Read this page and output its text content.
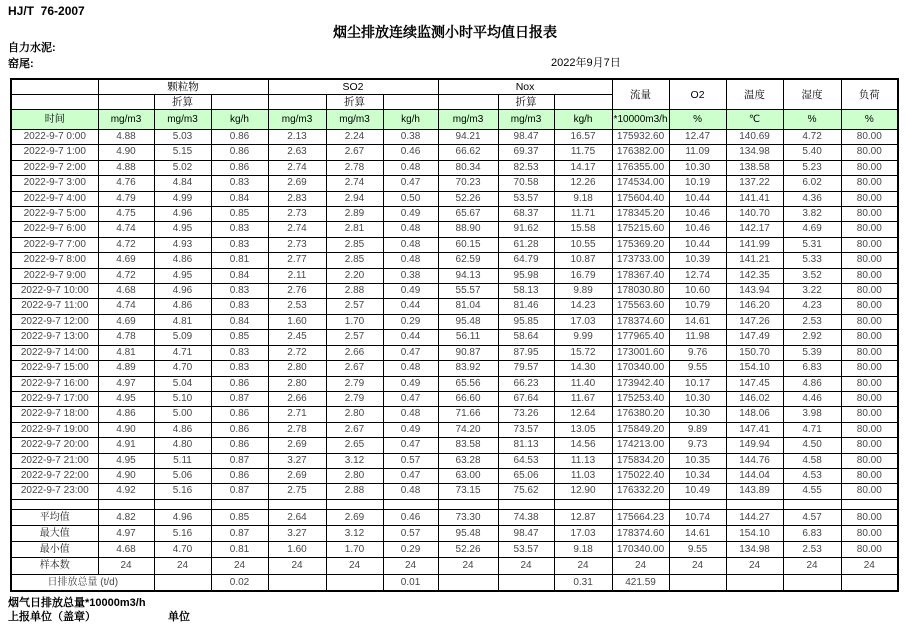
HJ/T  76-2007
烟尘排放连续监测小时平均值日报表
自力水泥:
窑尾:	2022年9月7日
	颗粒物			SO2			Nox			流量	O2	温度	湿度	负荷
		折算			折算			折算						
时间	mg/m3	mg/m3	kg/h	mg/m3	mg/m3	kg/h	mg/m3	mg/m3	kg/h	*10000m3/h	%	℃	%	%
2022-9-7 0:00	4.88	5.03	0.86	2.13	2.24	0.38	94.21	98.47	16.57	175932.60	12.47	140.69	4.72	80.00
2022-9-7 1:00	4.90	5.15	0.86	2.63	2.67	0.46	66.62	69.37	11.75	176382.00	11.09	134.98	5.40	80.00
2022-9-7 2:00	4.88	5.02	0.86	2.74	2.78	0.48	80.34	82.53	14.17	176355.00	10.30	138.58	5.23	80.00
2022-9-7 3:00	4.76	4.84	0.83	2.69	2.74	0.47	70.23	70.58	12.26	174534.00	10.19	137.22	6.02	80.00
2022-9-7 4:00	4.79	4.99	0.84	2.83	2.94	0.50	52.26	53.57	9.18	175604.40	10.44	141.41	4.36	80.00
2022-9-7 5:00	4.75	4.96	0.85	2.73	2.89	0.49	65.67	68.37	11.71	178345.20	10.46	140.70	3.82	80.00
2022-9-7 6:00	4.74	4.95	0.83	2.74	2.81	0.48	88.90	91.62	15.58	175215.60	10.46	142.17	4.69	80.00
2022-9-7 7:00	4.72	4.93	0.83	2.73	2.85	0.48	60.15	61.28	10.55	175369.20	10.44	141.99	5.31	80.00
2022-9-7 8:00	4.69	4.86	0.81	2.77	2.85	0.48	62.59	64.79	10.87	173733.00	10.39	141.21	5.33	80.00
2022-9-7 9:00	4.72	4.95	0.84	2.11	2.20	0.38	94.13	95.98	16.79	178367.40	12.74	142.35	3.52	80.00
2022-9-7 10:00	4.68	4.96	0.83	2.76	2.88	0.49	55.57	58.13	9.89	178030.80	10.60	143.94	3.22	80.00
2022-9-7 11:00	4.74	4.86	0.83	2.53	2.57	0.44	81.04	81.46	14.23	175563.60	10.79	146.20	4.23	80.00
2022-9-7 12:00	4.69	4.81	0.84	1.60	1.70	0.29	95.48	95.85	17.03	178374.60	14.61	147.26	2.53	80.00
2022-9-7 13:00	4.78	5.09	0.85	2.45	2.57	0.44	56.11	58.64	9.99	177965.40	11.98	147.49	2.92	80.00
2022-9-7 14:00	4.81	4.71	0.83	2.72	2.66	0.47	90.87	87.95	15.72	173001.60	9.76	150.70	5.39	80.00
2022-9-7 15:00	4.89	4.70	0.83	2.80	2.67	0.48	83.92	79.57	14.30	170340.00	9.55	154.10	6.83	80.00
2022-9-7 16:00	4.97	5.04	0.86	2.80	2.79	0.49	65.56	66.23	11.40	173942.40	10.17	147.45	4.86	80.00
2022-9-7 17:00	4.95	5.10	0.87	2.66	2.79	0.47	66.60	67.64	11.67	175253.40	10.30	146.02	4.46	80.00
2022-9-7 18:00	4.86	5.00	0.86	2.71	2.80	0.48	71.66	73.26	12.64	176380.20	10.30	148.06	3.98	80.00
2022-9-7 19:00	4.90	4.86	0.86	2.78	2.67	0.49	74.20	73.57	13.05	175849.20	9.89	147.41	4.71	80.00
2022-9-7 20:00	4.91	4.80	0.86	2.69	2.65	0.47	83.58	81.13	14.56	174213.00	9.73	149.94	4.50	80.00
2022-9-7 21:00	4.95	5.11	0.87	3.27	3.12	0.57	63.28	64.53	11.13	175834.20	10.35	144.76	4.58	80.00
2022-9-7 22:00	4.90	5.06	0.86	2.69	2.80	0.47	63.00	65.06	11.03	175022.40	10.34	144.04	4.53	80.00
2022-9-7 23:00	4.92	5.16	0.87	2.75	2.88	0.48	73.15	75.62	12.90	176332.20	10.49	143.89	4.55	80.00

平均值	4.82	4.96	0.85	2.64	2.69	0.46	73.30	74.38	12.87	175664.23	10.74	144.27	4.57	80.00
最大值	4.97	5.16	0.87	3.27	3.12	0.57	95.48	98.47	17.03	178374.60	14.61	154.10	6.83	80.00
最小值	4.68	4.70	0.81	1.60	1.70	0.29	52.26	53.57	9.18	170340.00	9.55	134.98	2.53	80.00
样本数	24	24	24	24	24	24	24	24	24	24	24	24	24	24
日排放总量 (t/d)			0.02			0.01			0.31	421.59				
烟气日排放总量*10000m3/h
上报单位（盖章）	单位
